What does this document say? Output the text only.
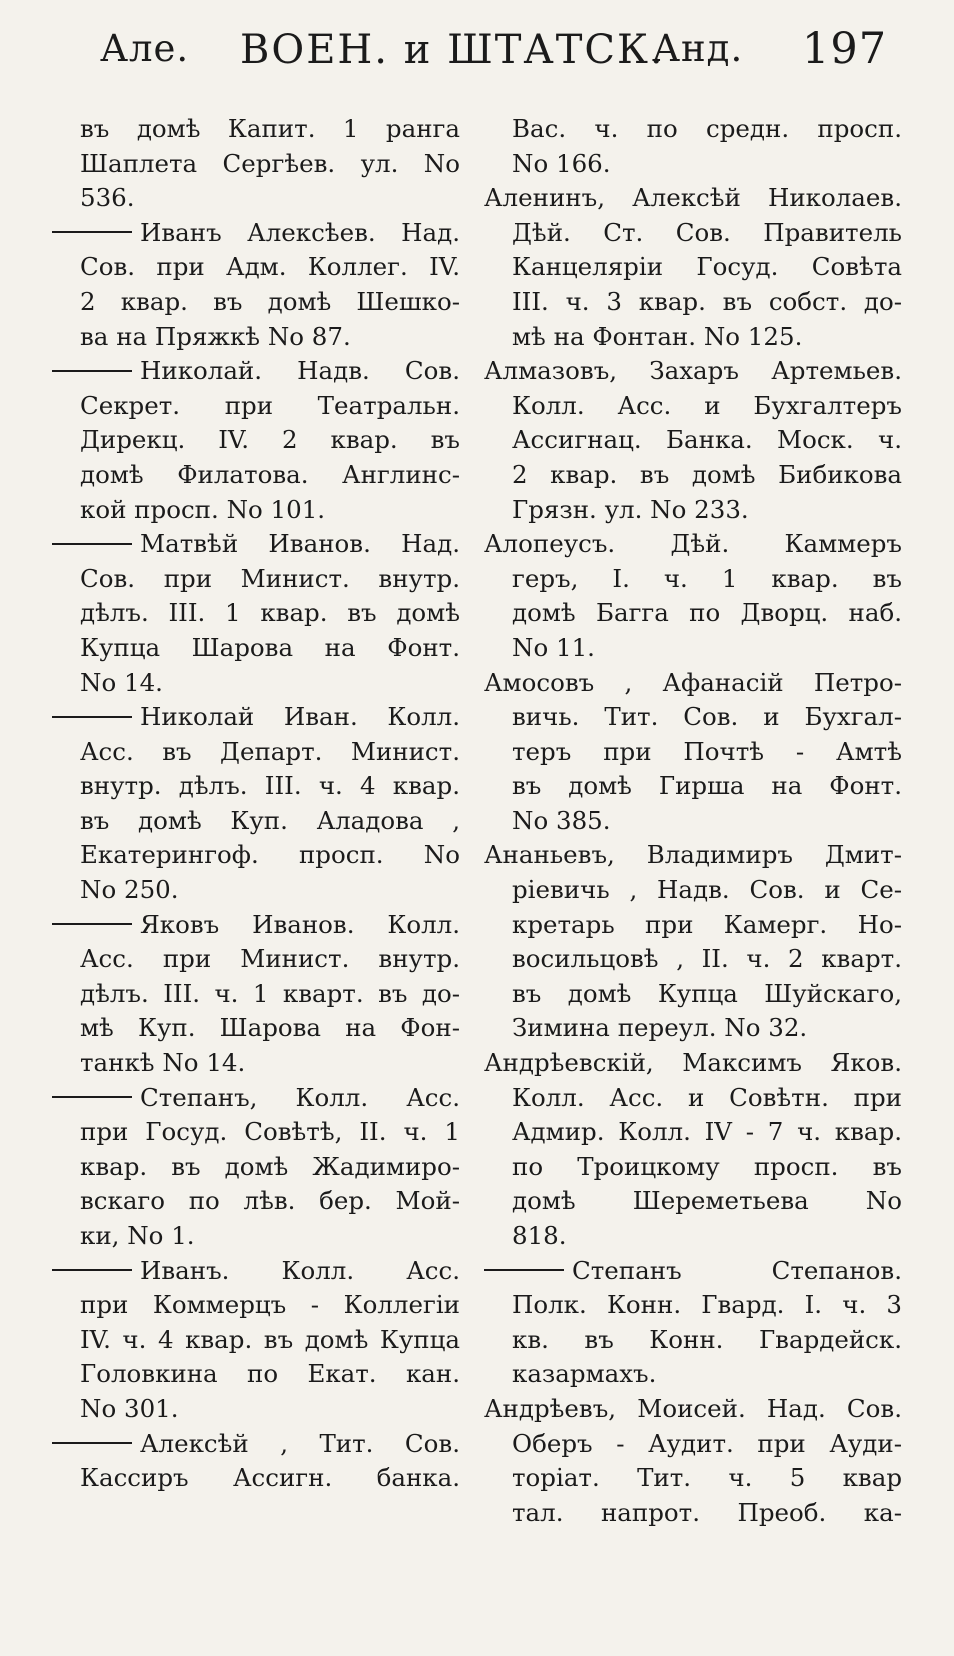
Але. ВОЕН. и ШТАТСК.
Анд. 197
въ домѣ Капит. 1 ранга
Шаплета Сергѣев. ул. No
536.
Иванъ Алексѣев. Над.
Сов. при Адм. Коллег. IV.
2 квар. въ домѣ Шешко-
ва на Пряжкѣ No 87.
Николай. Надв. Сов.
Секрет. при Театральн.
Дирекц. IV. 2 квар. въ
домѣ Филатова. Англинс-
кой просп. No 101.
Матвѣй Иванов. Над.
Сов. при Минист. внутр.
дѣлъ. III. 1 квар. въ домѣ
Купца Шарова на Фонт.
No 14.
Николай Иван. Колл.
Асс. въ Департ. Минист.
внутр. дѣлъ. III. ч. 4 квар.
въ домѣ Куп. Аладова ,
Екатeрингоф. просп. No
No 250.
Яковъ Иванов. Колл.
Асс. при Минист. внутр.
дѣлъ. III. ч. 1 кварт. въ до-
мѣ Куп. Шарова на Фон-
танкѣ No 14.
Степанъ, Колл. Асс.
при Госуд. Совѣтѣ, II. ч. 1
квар. въ домѣ Жадимиро-
вскаго по лѣв. бер. Мой-
ки, No 1.
Иванъ. Колл. Асс.
при Коммерцъ - Коллегiи
IV. ч. 4 квар. въ домѣ Купца
Головкина по Екат. кан.
No 301.
Алексѣй , Тит. Сов.
Кассиръ Ассигн. банка.
Вас. ч. по средн. просп.
No 166.
Аленинъ, Алексѣй Николаев.
Дѣй. Ст. Сов. Правитель
Канцелярiи Госуд. Совѣта
III. ч. 3 квар. въ собст. до-
мѣ на Фонтан. No 125.
Алмазовъ, Захаръ Артемьев.
Колл. Асс. и Бухгалтеръ
Ассигнац. Банка. Моск. ч.
2 квар. въ домѣ Бибикова
Грязн. ул. No 233.
Алопеусъ. Дѣй. Каммеръ
геръ, I. ч. 1 квар. въ
домѣ Багга по Дворц. наб.
No 11.
Амосовъ , Афанасiй Петро-
вичь. Тит. Сов. и Бухгал-
теръ при Почтѣ - Амтѣ
въ домѣ Гирша на Фонт.
No 385.
Ананьевъ, Владимиръ Дмит-
рiевичь , Надв. Сов. и Се-
кретарь при Камерг. Но-
восильцовѣ , II. ч. 2 кварт.
въ домѣ Купца Шуйскаго,
Зимина переул. No 32.
Андрѣевскiй, Максимъ Яков.
Колл. Асс. и Совѣтн. при
Адмир. Колл. IV - 7 ч. квар.
по Троицкому просп. въ
домѣ Шереметьева No
818.
Степанъ Степанов.
Полк. Конн. Гвард. I. ч. 3
кв. въ Конн. Гвардейск.
казармахъ.
Андрѣевъ, Моисей. Над. Сов.
Оберъ - Аудит. при Ауди-
торiат. Тит. ч. 5 квар
тал. напрот. Преоб. ка-
